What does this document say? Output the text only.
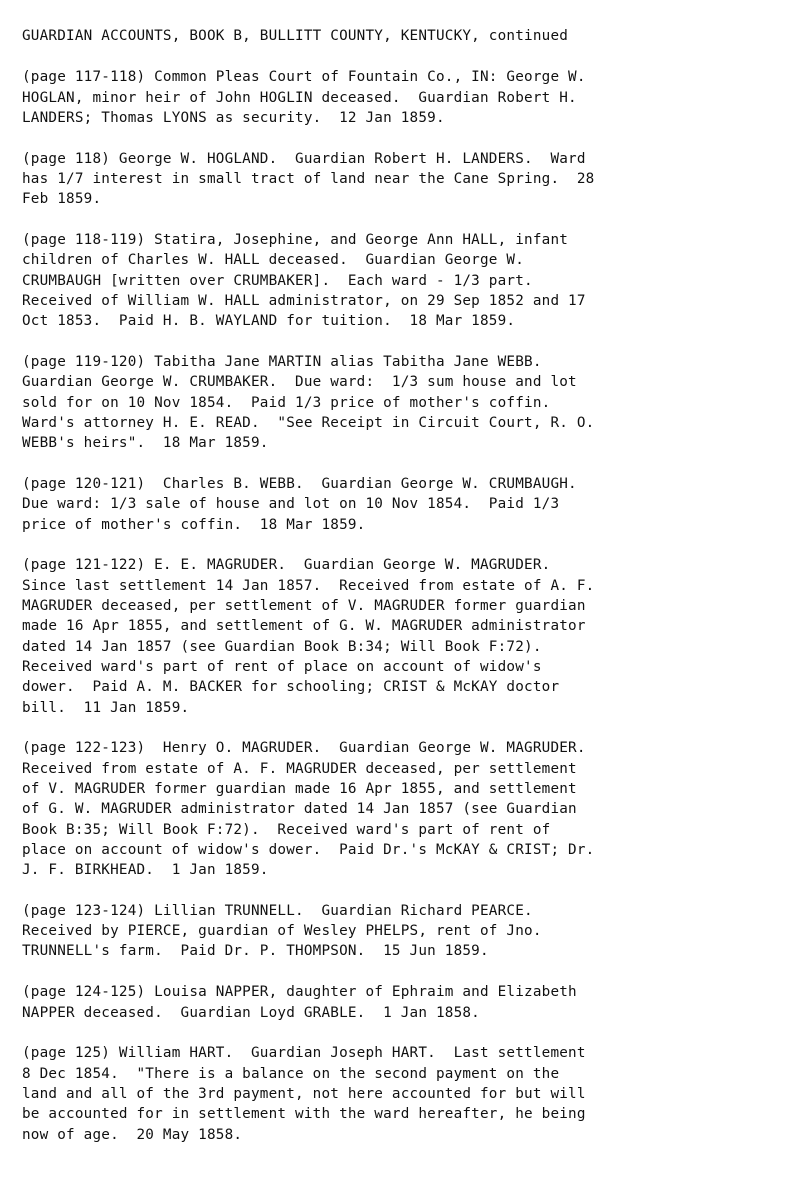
GUARDIAN ACCOUNTS, BOOK B, BULLITT COUNTY, KENTUCKY, continued
(page 117-118) Common Pleas Court of Fountain Co., IN: George W.
HOGLAN, minor heir of John HOGLIN deceased.  Guardian Robert H.
LANDERS; Thomas LYONS as security.  12 Jan 1859.
(page 118) George W. HOGLAND.  Guardian Robert H. LANDERS.  Ward
has 1/7 interest in small tract of land near the Cane Spring.  28
Feb 1859.
(page 118-119) Statira, Josephine, and George Ann HALL, infant
children of Charles W. HALL deceased.  Guardian George W.
CRUMBAUGH [written over CRUMBAKER].  Each ward - 1/3 part.
Received of William W. HALL administrator, on 29 Sep 1852 and 17
Oct 1853.  Paid H. B. WAYLAND for tuition.  18 Mar 1859.
(page 119-120) Tabitha Jane MARTIN alias Tabitha Jane WEBB.
Guardian George W. CRUMBAKER.  Due ward:  1/3 sum house and lot
sold for on 10 Nov 1854.  Paid 1/3 price of mother's coffin.
Ward's attorney H. E. READ.  "See Receipt in Circuit Court, R. O.
WEBB's heirs".  18 Mar 1859.
(page 120-121)  Charles B. WEBB.  Guardian George W. CRUMBAUGH.
Due ward: 1/3 sale of house and lot on 10 Nov 1854.  Paid 1/3
price of mother's coffin.  18 Mar 1859.
(page 121-122) E. E. MAGRUDER.  Guardian George W. MAGRUDER.
Since last settlement 14 Jan 1857.  Received from estate of A. F.
MAGRUDER deceased, per settlement of V. MAGRUDER former guardian
made 16 Apr 1855, and settlement of G. W. MAGRUDER administrator
dated 14 Jan 1857 (see Guardian Book B:34; Will Book F:72).
Received ward's part of rent of place on account of widow's
dower.  Paid A. M. BACKER for schooling; CRIST & McKAY doctor
bill.  11 Jan 1859.
(page 122-123)  Henry O. MAGRUDER.  Guardian George W. MAGRUDER.
Received from estate of A. F. MAGRUDER deceased, per settlement
of V. MAGRUDER former guardian made 16 Apr 1855, and settlement
of G. W. MAGRUDER administrator dated 14 Jan 1857 (see Guardian
Book B:35; Will Book F:72).  Received ward's part of rent of
place on account of widow's dower.  Paid Dr.'s McKAY & CRIST; Dr.
J. F. BIRKHEAD.  1 Jan 1859.
(page 123-124) Lillian TRUNNELL.  Guardian Richard PEARCE.
Received by PIERCE, guardian of Wesley PHELPS, rent of Jno.
TRUNNELL's farm.  Paid Dr. P. THOMPSON.  15 Jun 1859.
(page 124-125) Louisa NAPPER, daughter of Ephraim and Elizabeth
NAPPER deceased.  Guardian Loyd GRABLE.  1 Jan 1858.
(page 125) William HART.  Guardian Joseph HART.  Last settlement
8 Dec 1854.  "There is a balance on the second payment on the
land and all of the 3rd payment, not here accounted for but will
be accounted for in settlement with the ward hereafter, he being
now of age.  20 May 1858.
